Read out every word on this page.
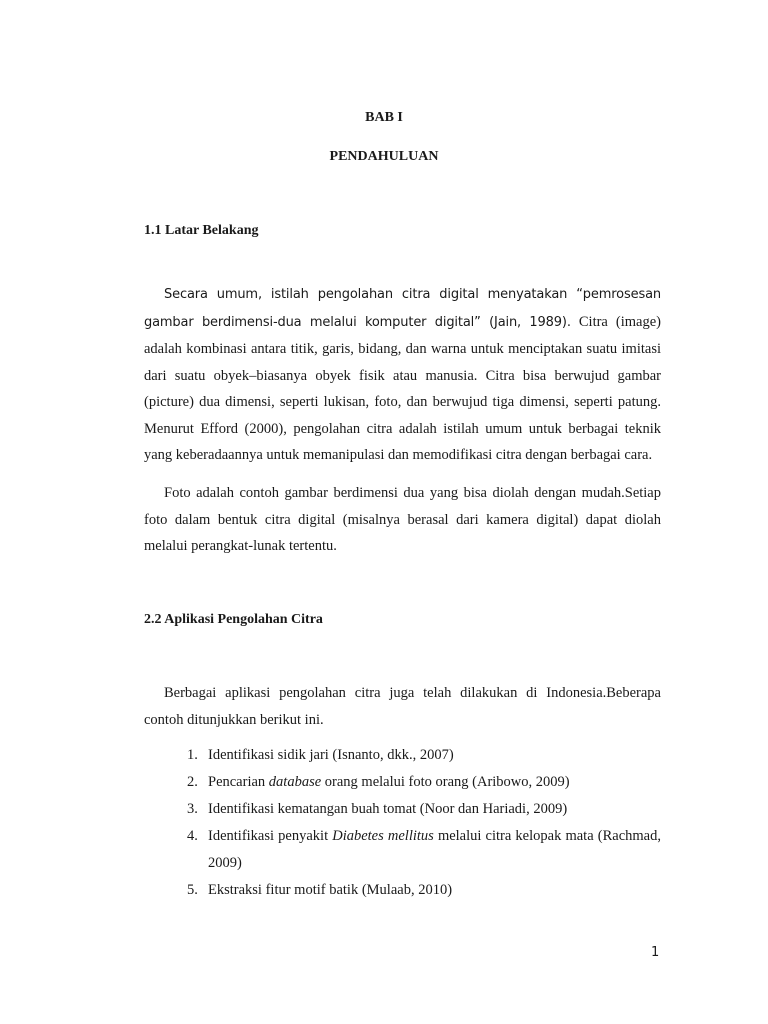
BAB I
PENDAHULUAN
1.1 Latar Belakang

Secara umum, istilah pengolahan citra digital menyatakan “pemrosesan gambar berdimensi-dua melalui komputer digital” (Jain, 1989). Citra (image) adalah kombinasi antara titik, garis, bidang, dan warna untuk menciptakan suatu imitasi dari suatu obyek–biasanya obyek fisik atau manusia. Citra bisa berwujud gambar (picture) dua dimensi, seperti lukisan, foto, dan berwujud tiga dimensi, seperti patung. Menurut Efford (2000), pengolahan citra adalah istilah umum untuk berbagai teknik yang keberadaannya untuk memanipulasi dan memodifikasi citra dengan berbagai cara.

Foto adalah contoh gambar berdimensi dua yang bisa diolah dengan mudah.Setiap foto dalam bentuk citra digital (misalnya berasal dari kamera digital) dapat diolah melalui perangkat-lunak tertentu.

2.2 Aplikasi Pengolahan Citra

Berbagai aplikasi pengolahan citra juga telah dilakukan di Indonesia.Beberapa contoh ditunjukkan berikut ini.

1. Identifikasi sidik jari (Isnanto, dkk., 2007)
2. Pencarian database orang melalui foto orang (Aribowo, 2009)
3. Identifikasi kematangan buah tomat (Noor dan Hariadi, 2009)
4. Identifikasi penyakit Diabetes mellitus melalui citra kelopak mata (Rachmad, 2009)
5. Ekstraksi fitur motif batik (Mulaab, 2010)
1
